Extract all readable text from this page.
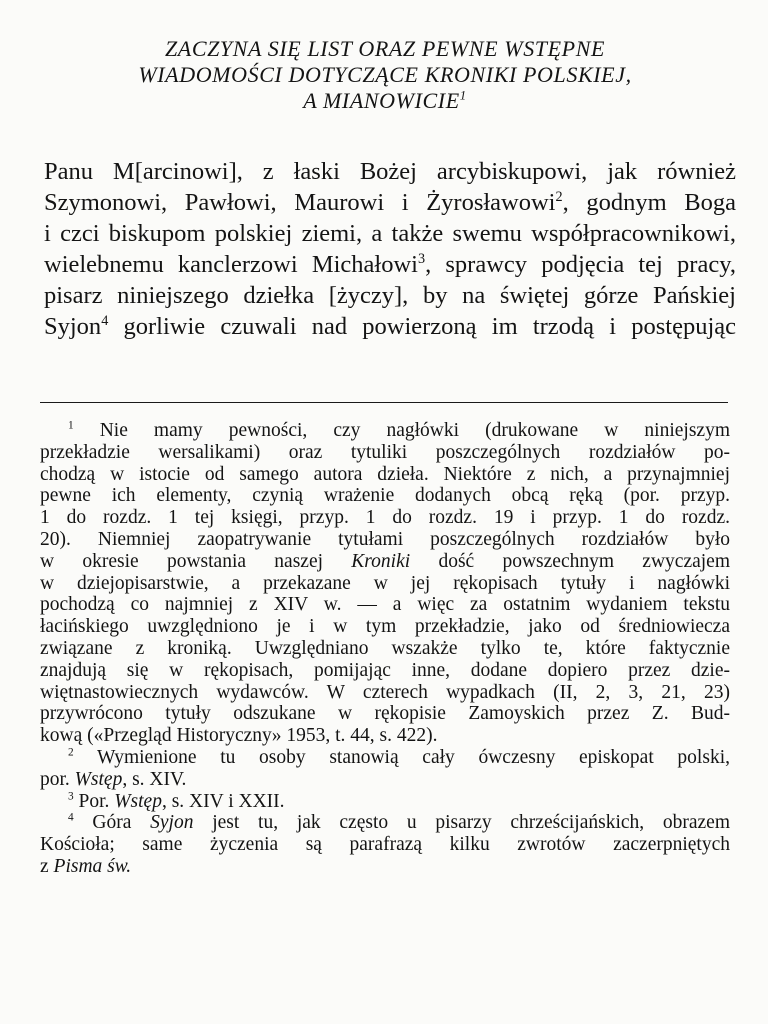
ZACZYNA SIĘ LIST ORAZ PEWNE WSTĘPNE
WIADOMOŚCI DOTYCZĄCE KRONIKI POLSKIEJ,
A MIANOWICIE$^1$
Panu M[arcinowi], z łaski Bożej arcybiskupowi, jak również
Szymonowi, Pawłowi, Maurowi i Żyrosławowi$^2$, godnym Boga
i czci biskupom polskiej ziemi, a także swemu współpracownikowi,
wielebnemu kanclerzowi Michałowi$^3$, sprawcy podjęcia tej pracy,
pisarz niniejszego dziełka [życzy], by na świętej górze Pańskiej
Syjon$^4$ gorliwie czuwali nad powierzoną im trzodą i postępując
$^1$ Nie mamy pewności, czy nagłówki (drukowane w niniejszym
przekładzie wersalikami) oraz tytuliki poszczególnych rozdziałów po-
chodzą w istocie od samego autora dzieła. Niektóre z nich, a przynajmniej
pewne ich elementy, czynią wrażenie dodanych obcą ręką (por. przyp.
1 do rozdz. 1 tej księgi, przyp. 1 do rozdz. 19 i przyp. 1 do rozdz.
20). Niemniej zaopatrywanie tytułami poszczególnych rozdziałów było
w okresie powstania naszej Kroniki dość powszechnym zwyczajem
w dziejopisarstwie, a przekazane w jej rękopisach tytuły i nagłówki
pochodzą co najmniej z XIV w. — a więc za ostatnim wydaniem tekstu
łacińskiego uwzględniono je i w tym przekładzie, jako od średniowiecza
związane z kroniką. Uwzględniano wszakże tylko te, które faktycznie
znajdują się w rękopisach, pomijając inne, dodane dopiero przez dzie-
więtnastowiecznych wydawców. W czterech wypadkach (II, 2, 3, 21, 23)
przywrócono tytuły odszukane w rękopisie Zamoyskich przez Z. Bud-
kową («Przegląd Historyczny» 1953, t. 44, s. 422).
$^2$ Wymienione tu osoby stanowią cały ówczesny episkopat polski,
por. Wstęp, s. XIV.
$^3$ Por. Wstęp, s. XIV i XXII.
$^4$ Góra Syjon jest tu, jak często u pisarzy chrześcijańskich, obrazem
Kościoła; same życzenia są parafrazą kilku zwrotów zaczerpniętych
z Pisma św.
